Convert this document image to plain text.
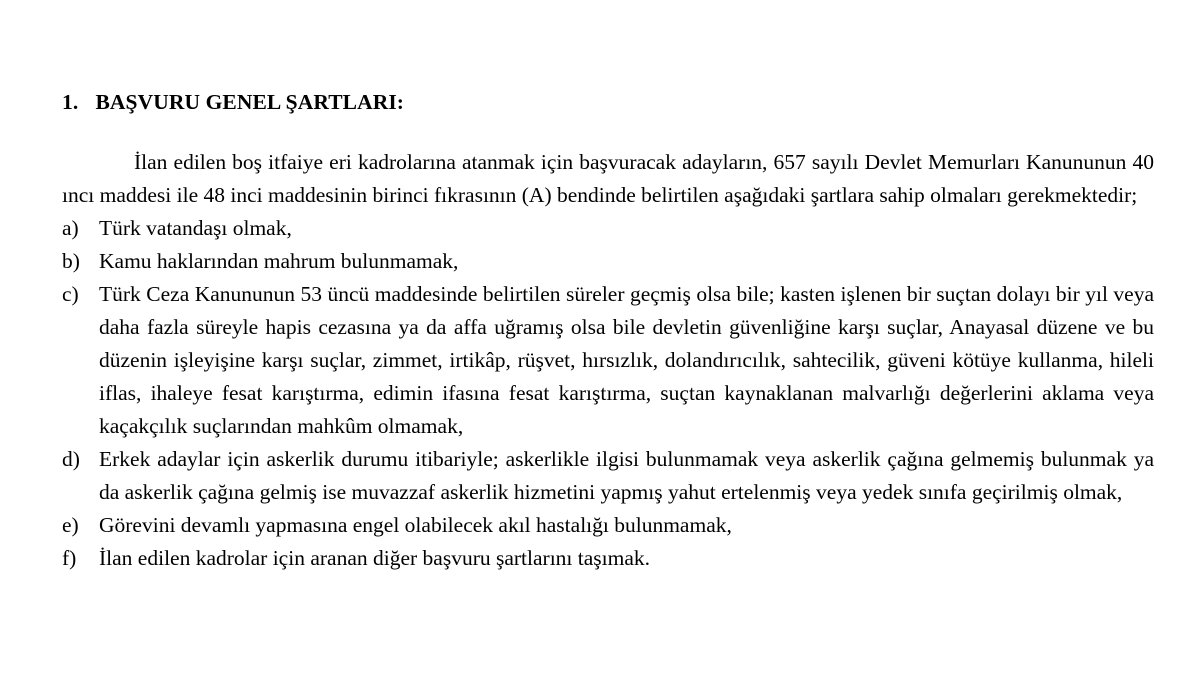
1. BAŞVURU GENEL ŞARTLARI:

İlan edilen boş itfaiye eri kadrolarına atanmak için başvuracak adayların, 657 sayılı Devlet Memurları Kanununun 40 ıncı maddesi ile 48 inci maddesinin birinci fıkrasının (A) bendinde belirtilen aşağıdaki şartlara sahip olmaları gerekmektedir;

a) Türk vatandaşı olmak,
b) Kamu haklarından mahrum bulunmamak,
c) Türk Ceza Kanununun 53 üncü maddesinde belirtilen süreler geçmiş olsa bile; kasten işlenen bir suçtan dolayı bir yıl veya daha fazla süreyle hapis cezasına ya da affa uğramış olsa bile devletin güvenliğine karşı suçlar, Anayasal düzene ve bu düzenin işleyişine karşı suçlar, zimmet, irtikâp, rüşvet, hırsızlık, dolandırıcılık, sahtecilik, güveni kötüye kullanma, hileli iflas, ihaleye fesat karıştırma, edimin ifasına fesat karıştırma, suçtan kaynaklanan malvarlığı değerlerini aklama veya kaçakçılık suçlarından mahkûm olmamak,
d) Erkek adaylar için askerlik durumu itibariyle; askerlikle ilgisi bulunmamak veya askerlik çağına gelmemiş bulunmak ya da askerlik çağına gelmiş ise muvazzaf askerlik hizmetini yapmış yahut ertelenmiş veya yedek sınıfa geçirilmiş olmak,
e) Görevini devamlı yapmasına engel olabilecek akıl hastalığı bulunmamak,
f) İlan edilen kadrolar için aranan diğer başvuru şartlarını taşımak.
